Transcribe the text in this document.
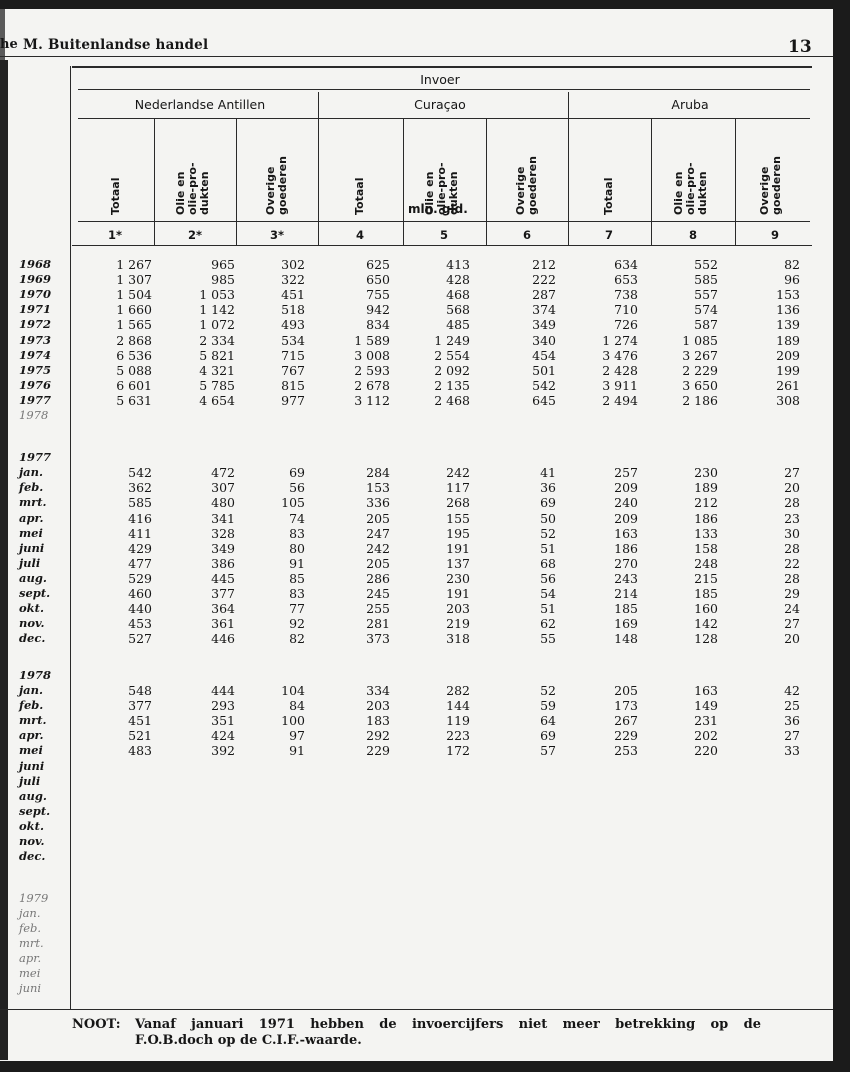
he M. Buitenlandse handel	13
Invoer
Nederlandse Antillen	Curaçao	Aruba
Totaal	Olie en
olie-pro-
dukten	Overige
goederen	Totaal	Olie en
olie-pro-
dukten	Overige
goederen	Totaal	Olie en
olie-pro-
dukten	Overige
goederen
mln. gld.
1*	2*	3*	4	5	6	7	8	9
1968	1 267	965	302	625	413	212	634	552	82
1969	1 307	985	322	650	428	222	653	585	96
1970	1 504	1 053	451	755	468	287	738	557	153
1971	1 660	1 142	518	942	568	374	710	574	136
1972	1 565	1 072	493	834	485	349	726	587	139
1973	2 868	2 334	534	1 589	1 249	340	1 274	1 085	189
1974	6 536	5 821	715	3 008	2 554	454	3 476	3 267	209
1975	5 088	4 321	767	2 593	2 092	501	2 428	2 229	199
1976	6 601	5 785	815	2 678	2 135	542	3 911	3 650	261
1977	5 631	4 654	977	3 112	2 468	645	2 494	2 186	308
1978
1977
jan.	542	472	69	284	242	41	257	230	27
feb.	362	307	56	153	117	36	209	189	20
mrt.	585	480	105	336	268	69	240	212	28
apr.	416	341	74	205	155	50	209	186	23
mei	411	328	83	247	195	52	163	133	30
juni	429	349	80	242	191	51	186	158	28
juli	477	386	91	205	137	68	270	248	22
aug.	529	445	85	286	230	56	243	215	28
sept.	460	377	83	245	191	54	214	185	29
okt.	440	364	77	255	203	51	185	160	24
nov.	453	361	92	281	219	62	169	142	27
dec.	527	446	82	373	318	55	148	128	20
1978
jan.	548	444	104	334	282	52	205	163	42
feb.	377	293	84	203	144	59	173	149	25
mrt.	451	351	100	183	119	64	267	231	36
apr.	521	424	97	292	223	69	229	202	27
mei	483	392	91	229	172	57	253	220	33
juni
juli
aug.
sept.
okt.
nov.
dec.
1979
jan.
feb.
mrt.
apr.
mei
juni
NOOT: Vanaf januari 1971 hebben de invoercijfers niet meer betrekking op de
F.O.B.doch op de C.I.F.-waarde.
